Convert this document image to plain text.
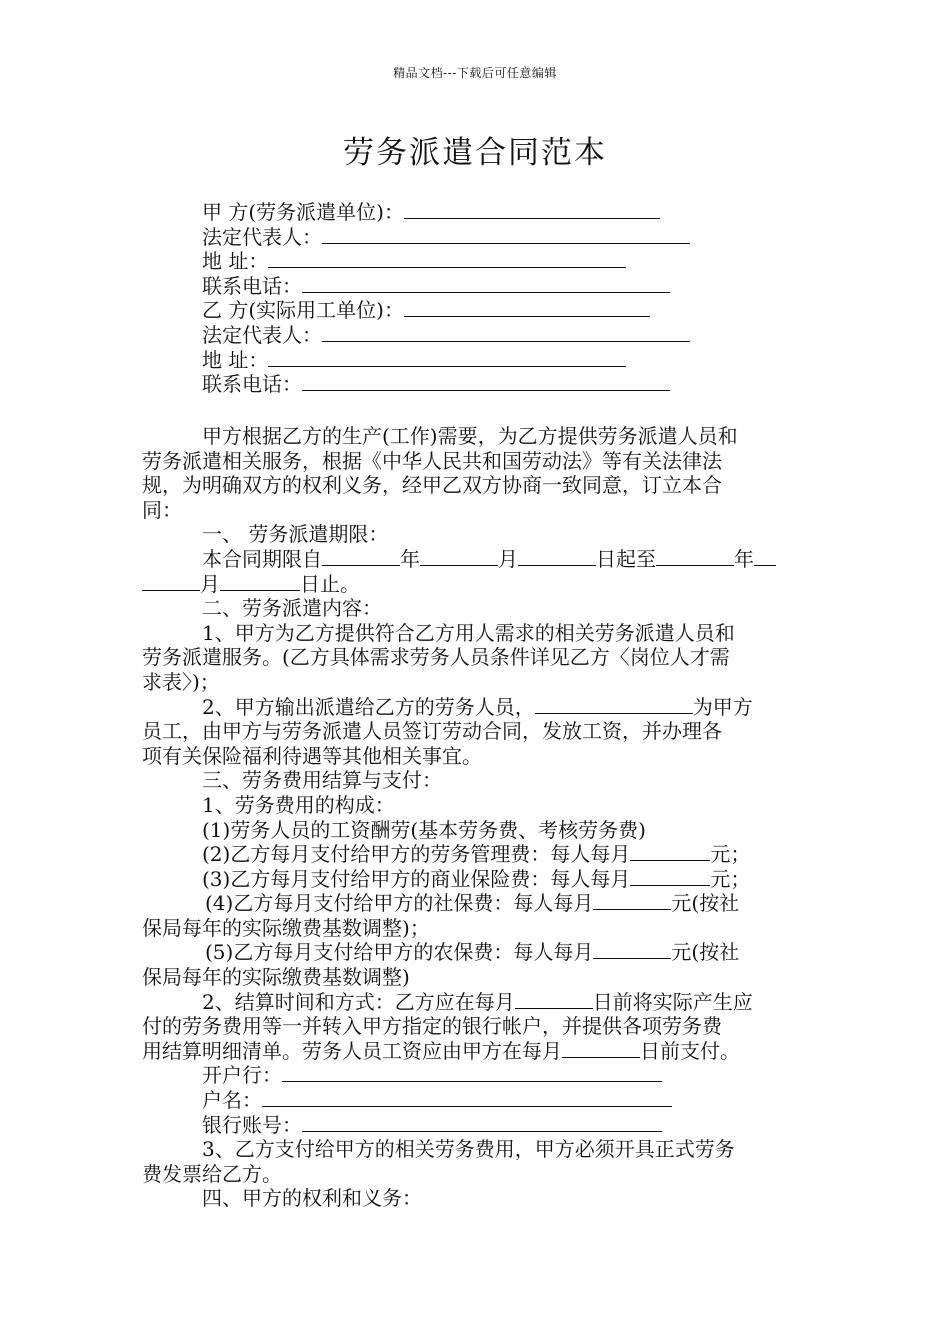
精品文档---下载后可任意编辑
劳务派遣合同范本
甲 方(劳务派遣单位)：
法定代表人：
地 址：
联系电话：
乙 方(实际用工单位)：
法定代表人：
地 址：
联系电话：
甲方根据乙方的生产(工作)需要，为乙方提供劳务派遣人员和
劳务派遣相关服务，根据《中华人民共和国劳动法》等有关法律法
规，为明确双方的权利义务，经甲乙双方协商一致同意，订立本合
同：
一、 劳务派遣期限：
本合同期限自	年	月	日起至	年
月	日止。
二、劳务派遣内容：
1、甲方为乙方提供符合乙方用人需求的相关劳务派遣人员和
劳务派遣服务。(乙方具体需求劳务人员条件详见乙方〈岗位人才需
求表〉)；
2、甲方输出派遣给乙方的劳务人员，	为甲方
员工，由甲方与劳务派遣人员签订劳动合同，发放工资，并办理各
项有关保险福利待遇等其他相关事宜。
三、劳务费用结算与支付：
1、劳务费用的构成：
(1)劳务人员的工资酬劳(基本劳务费、考核劳务费)
(2)乙方每月支付给甲方的劳务管理费：每人每月	元；
(3)乙方每月支付给甲方的商业保险费：每人每月	元；
(4)乙方每月支付给甲方的社保费：每人每月	元(按社
保局每年的实际缴费基数调整)；
(5)乙方每月支付给甲方的农保费：每人每月	元(按社
保局每年的实际缴费基数调整)
2、结算时间和方式：乙方应在每月	日前将实际产生应
付的劳务费用等一并转入甲方指定的银行帐户，并提供各项劳务费
用结算明细清单。劳务人员工资应由甲方在每月	日前支付。
开户行：
户名：
银行账号：
3、乙方支付给甲方的相关劳务费用，甲方必须开具正式劳务
费发票给乙方。
四、甲方的权利和义务：
